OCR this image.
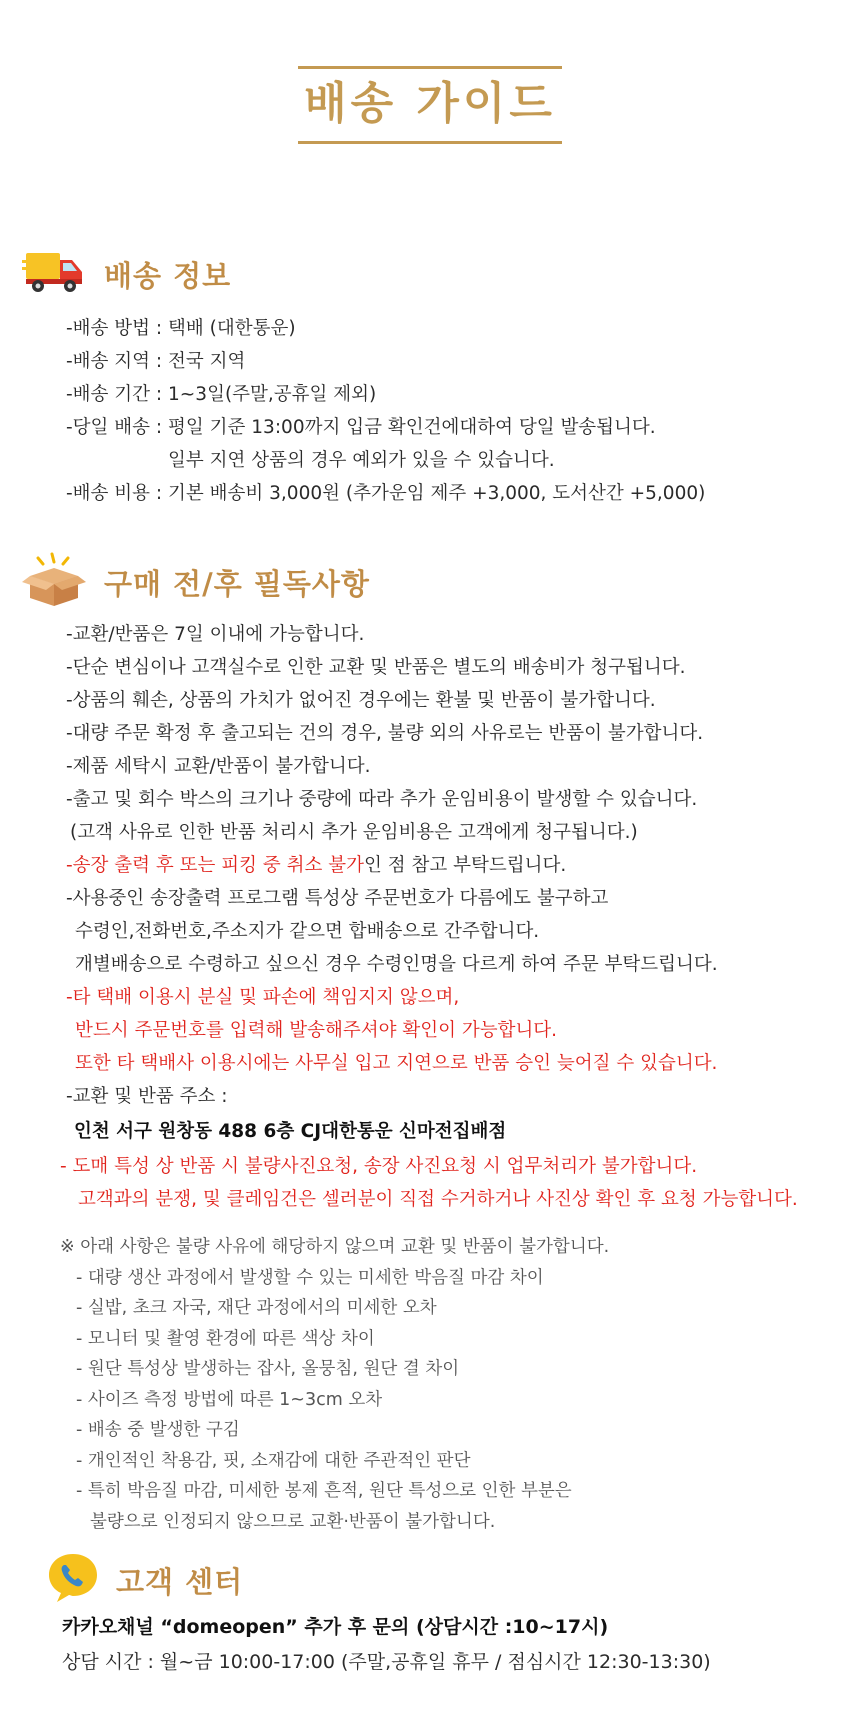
배송 가이드
배송 정보
-배송 방법 : 택배 (대한통운)
-배송 지역 : 전국 지역
-배송 기간 : 1~3일(주말,공휴일 제외)
-당일 배송 : 평일 기준 13:00까지 입금 확인건에대하여 당일 발송됩니다.
일부 지연 상품의 경우 예외가 있을 수 있습니다.
-배송 비용 : 기본 배송비 3,000원 (추가운임 제주 +3,000, 도서산간 +5,000)
구매 전/후 필독사항
-교환/반품은 7일 이내에 가능합니다.
-단순 변심이나 고객실수로 인한 교환 및 반품은 별도의 배송비가 청구됩니다.
-상품의 훼손, 상품의 가치가 없어진 경우에는 환불 및 반품이 불가합니다.
-대량 주문 확정 후 출고되는 건의 경우, 불량 외의 사유로는 반품이 불가합니다.
-제품 세탁시 교환/반품이 불가합니다.
-출고 및 회수 박스의 크기나 중량에 따라 추가 운임비용이 발생할 수 있습니다.
(고객 사유로 인한 반품 처리시 추가 운임비용은 고객에게 청구됩니다.)
-송장 출력 후 또는 피킹 중 취소 불가인 점 참고 부탁드립니다.
-사용중인 송장출력 프로그램 특성상 주문번호가 다름에도 불구하고
수령인,전화번호,주소지가 같으면 합배송으로 간주합니다.
개별배송으로 수령하고 싶으신 경우 수령인명을 다르게 하여 주문 부탁드립니다.
-타 택배 이용시 분실 및 파손에 책임지지 않으며,
반드시 주문번호를 입력해 발송해주셔야 확인이 가능합니다.
또한 타 택배사 이용시에는 사무실 입고 지연으로 반품 승인 늦어질 수 있습니다.
-교환 및 반품 주소 :
인천 서구 원창동 488 6층 CJ대한통운 신마전집배점
- 도매 특성 상 반품 시 불량사진요청, 송장 사진요청 시 업무처리가 불가합니다.
고객과의 분쟁, 및 클레임건은 셀러분이 직접 수거하거나 사진상 확인 후 요청 가능합니다.
※ 아래 사항은 불량 사유에 해당하지 않으며 교환 및 반품이 불가합니다.
- 대량 생산 과정에서 발생할 수 있는 미세한 박음질 마감 차이
- 실밥, 초크 자국, 재단 과정에서의 미세한 오차
- 모니터 및 촬영 환경에 따른 색상 차이
- 원단 특성상 발생하는 잡사, 올뭉침, 원단 결 차이
- 사이즈 측정 방법에 따른 1~3cm 오차
- 배송 중 발생한 구김
- 개인적인 착용감, 핏, 소재감에 대한 주관적인 판단
- 특히 박음질 마감, 미세한 봉제 흔적, 원단 특성으로 인한 부분은
불량으로 인정되지 않으므로 교환·반품이 불가합니다.
고객 센터
카카오채널 “domeopen” 추가 후 문의 (상담시간 :10~17시)
상담 시간 : 월~금 10:00-17:00 (주말,공휴일 휴무 / 점심시간 12:30-13:30)
